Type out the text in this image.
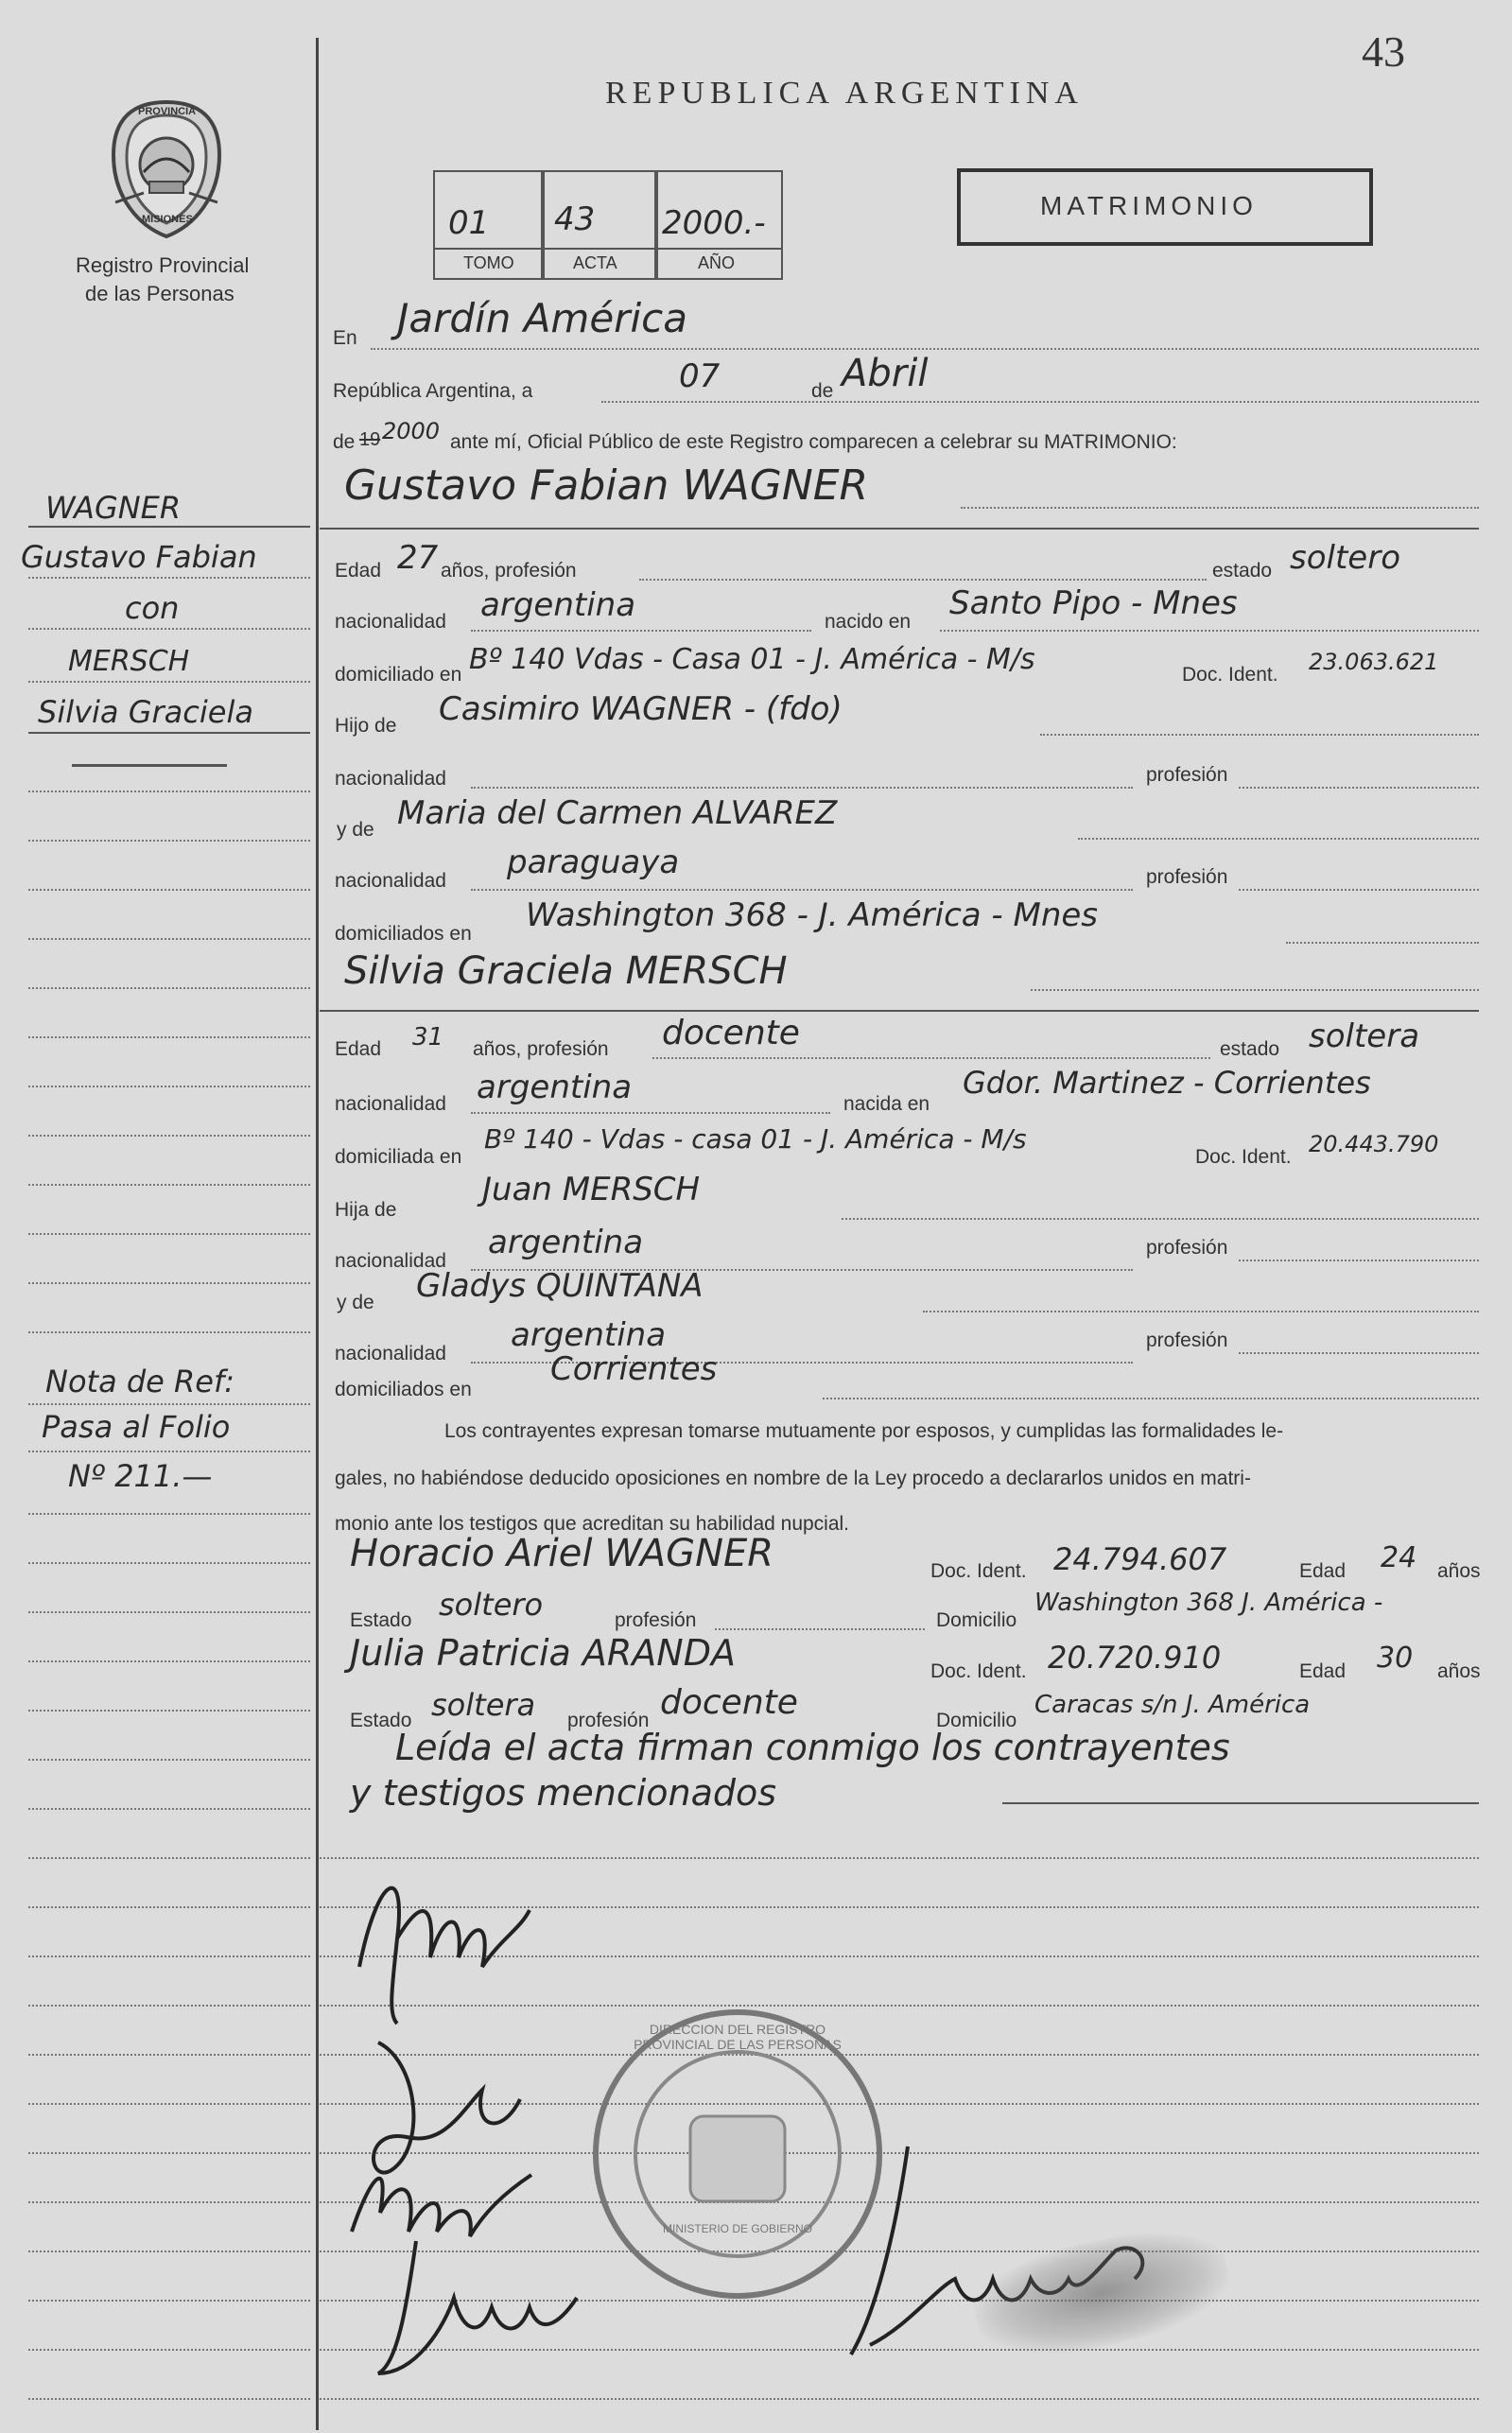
43
PROVINCIA
MISIONES
Registro Provincial
de las Personas
REPUBLICA ARGENTINA
01 43 2000.-
TOMO	ACTA	AÑO
MATRIMONIO
En Jardín América
República Argentina, a	07	de Abril
de 19 2000 ante mí, Oficial Público de este Registro comparecen a celebrar su MATRIMONIO:
Gustavo Fabian WAGNER
Edad 27 años, profesión	estado soltero
nacionalidad argentina	nacido en Santo Pipo - Mnes
domiciliado en Bº 140 Vdas - Casa 01 - J. América - M/s	Doc. Ident. 23.063.621
Hijo de Casimiro WAGNER - (fdo)
nacionalidad	profesión
y de Maria del Carmen ALVAREZ
nacionalidad paraguaya	profesión
domiciliados en Washington 368 - J. América - Mnes
Silvia Graciela MERSCH
Edad 31 años, profesión docente	estado soltera
nacionalidad argentina	nacida en
Gdor. Martinez - Corrientes
domiciliada en
Bº 140 - Vdas - casa 01 - J. América - M/s
Doc. Ident. 20.443.790
Hija de
Juan MERSCH
nacionalidad argentina	profesión
y de Gladys QUINTANA
nacionalidad argentina	profesión
domiciliados en
Corrientes
Los contrayentes expresan tomarse mutuamente por esposos, y cumplidas las formalidades le-
gales, no habiéndose deducido oposiciones en nombre de la Ley procedo a declararlos unidos en matri-
monio ante los testigos que acreditan su habilidad nupcial.
Horacio Ariel WAGNER	Doc. Ident. 24.794.607	Edad 24 años
Estado soltero	profesión	Domicilio
Washington 368 J. América -
Julia Patricia ARANDA	Doc. Ident. 20.720.910	Edad 30 años
Estado soltera profesión docente	Domicilio
Caracas s/n J. América
Leída el acta firman conmigo los contrayentes
y testigos mencionados
DIRECCION DEL REGISTRO PROVINCIAL DE LAS PERSONAS
MINISTERIO DE GOBIERNO
WAGNER
Gustavo Fabian
con
MERSCH
Silvia Graciela
Nota de Ref:
Pasa al Folio
Nº 211.—
